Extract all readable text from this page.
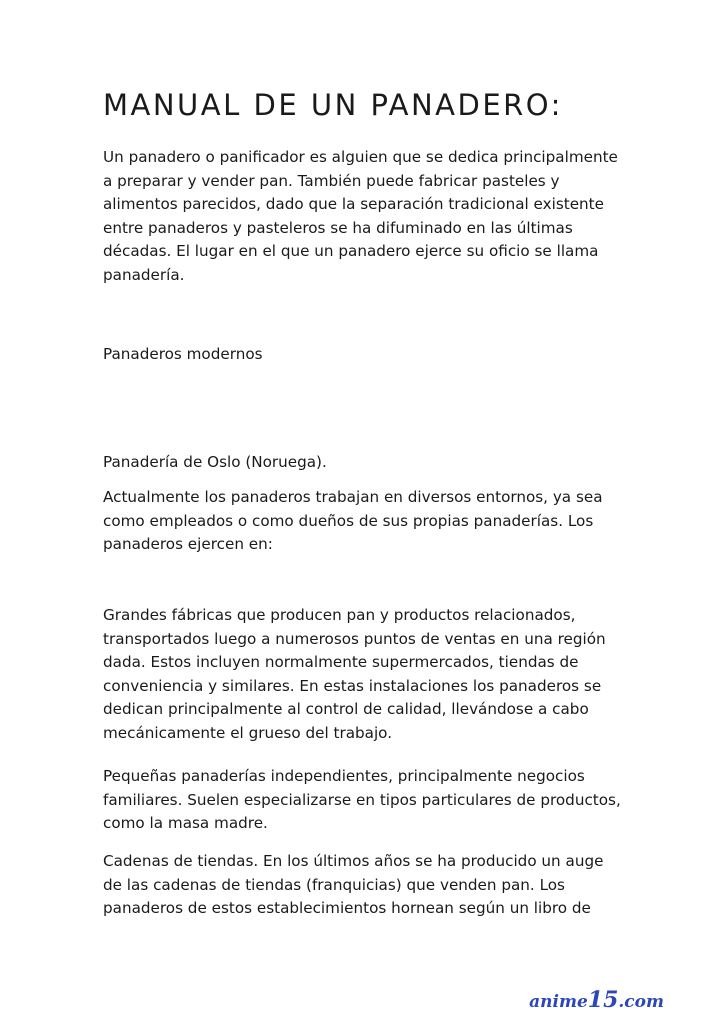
MANUAL DE UN PANADERO:

Un panadero o panificador es alguien que se dedica principalmente
a preparar y vender pan. También puede fabricar pasteles y
alimentos parecidos, dado que la separación tradicional existente
entre panaderos y pasteleros se ha difuminado en las últimas
décadas. El lugar en el que un panadero ejerce su oficio se llama
panadería.

Panaderos modernos

Panadería de Oslo (Noruega).

Actualmente los panaderos trabajan en diversos entornos, ya sea
como empleados o como dueños de sus propias panaderías. Los
panaderos ejercen en:

Grandes fábricas que producen pan y productos relacionados,
transportados luego a numerosos puntos de ventas en una región
dada. Estos incluyen normalmente supermercados, tiendas de
conveniencia y similares. En estas instalaciones los panaderos se
dedican principalmente al control de calidad, llevándose a cabo
mecánicamente el grueso del trabajo.

Pequeñas panaderías independientes, principalmente negocios
familiares. Suelen especializarse en tipos particulares de productos,
como la masa madre.

Cadenas de tiendas. En los últimos años se ha producido un auge
de las cadenas de tiendas (franquicias) que venden pan. Los
panaderos de estos establecimientos hornean según un libro de

anime15.com
